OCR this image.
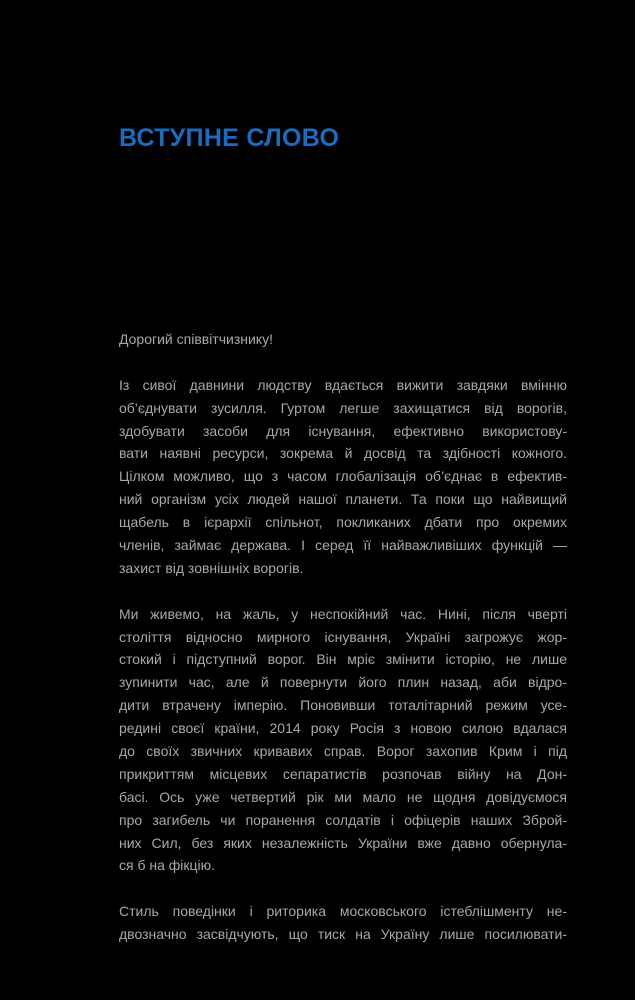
ВСТУПНЕ СЛОВО
Дорогий співвітчизнику!
Із сивої давнини людству вдається вижити завдяки вмінню
об’єднувати зусилля. Гуртом легше захищатися від ворогів,
здобувати засоби для існування, ефективно використову-
вати наявні ресурси, зокрема й досвід та здібності кожного.
Цілком можливо, що з часом глобалізація об’єднає в ефектив-
ний організм усіх людей нашої планети. Та поки що найвищий
щабель в ієрархії спільнот, покликаних дбати про окремих
членів, займає держава. І серед її найважливіших функцій —
захист від зовнішніх ворогів.
Ми живемо, на жаль, у неспокійний час. Нині, після чверті
століття відносно мирного існування, Україні загрожує жор-
стокий і підступний ворог. Він мріє змінити історію, не лише
зупинити час, але й повернути його плин назад, аби відро-
дити втрачену імперію. Поновивши тоталітарний режим усе-
редині своєї країни, 2014 року Росія з новою силою вдалася
до своїх звичних кривавих справ. Ворог захопив Крим і під
прикриттям місцевих сепаратистів розпочав війну на Дон-
басі. Ось уже четвертий рік ми мало не щодня довідуємося
про загибель чи поранення солдатів і офіцерів наших Зброй-
них Сил, без яких незалежність України вже давно обернула-
ся б на фікцію.
Стиль поведінки і риторика московського істеблішменту не-
двозначно засвідчують, що тиск на Україну лише посилювати-
